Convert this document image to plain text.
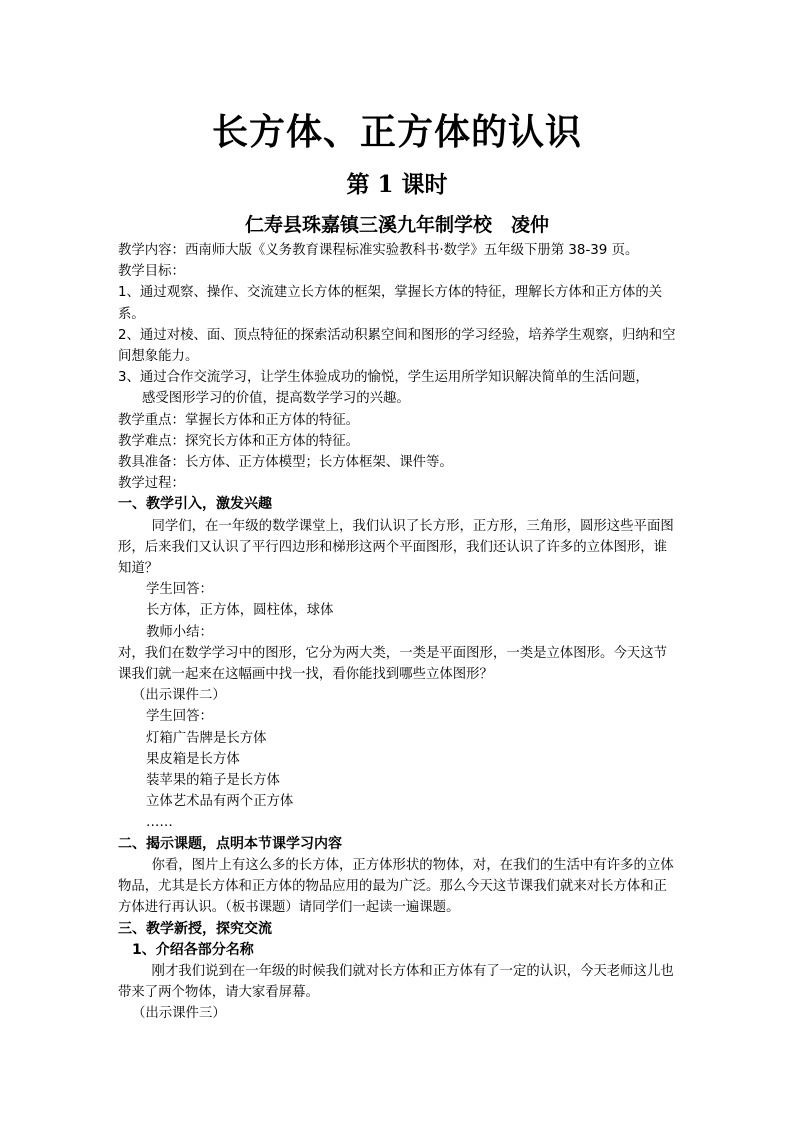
长方体、正方体的认识
第 1 课时
仁寿县珠嘉镇三溪九年制学校　凌仲

教学内容：西南师大版《义务教育课程标准实验教科书·数学》五年级下册第 38-39 页。

教学目标：

1、通过观察、操作、交流建立长方体的框架，掌握长方体的特征，理解长方体和正方体的关系。

2、通过对棱、面、顶点特征的探索活动积累空间和图形的学习经验，培养学生观察，归纳和空间想象能力。

3、通过合作交流学习，让学生体验成功的愉悦，学生运用所学知识解决简单的生活问题，

感受图形学习的价值，提高数学学习的兴趣。

教学重点：掌握长方体和正方体的特征。

教学难点：探究长方体和正方体的特征。

教具准备：长方体、正方体模型；长方体框架、课件等。

教学过程：

一、教学引入，激发兴趣

同学们，在一年级的数学课堂上，我们认识了长方形，正方形，三角形，圆形这些平面图形，后来我们又认识了平行四边形和梯形这两个平面图形，我们还认识了许多的立体图形，谁知道？

学生回答：

长方体，正方体，圆柱体，球体

教师小结：

对，我们在数学学习中的图形，它分为两大类，一类是平面图形，一类是立体图形。今天这节课我们就一起来在这幅画中找一找，看你能找到哪些立体图形？

（出示课件二）

学生回答：

灯箱广告牌是长方体

果皮箱是长方体

装苹果的箱子是长方体

立体艺术品有两个正方体

……

二、揭示课题，点明本节课学习内容

你看，图片上有这么多的长方体，正方体形状的物体，对，在我们的生活中有许多的立体物品，尤其是长方体和正方体的物品应用的最为广泛。那么今天这节课我们就来对长方体和正方体进行再认识。（板书课题）请同学们一起读一遍课题。

三、教学新授，探究交流

1、介绍各部分名称

刚才我们说到在一年级的时候我们就对长方体和正方体有了一定的认识，今天老师这儿也带来了两个物体，请大家看屏幕。

（出示课件三）
